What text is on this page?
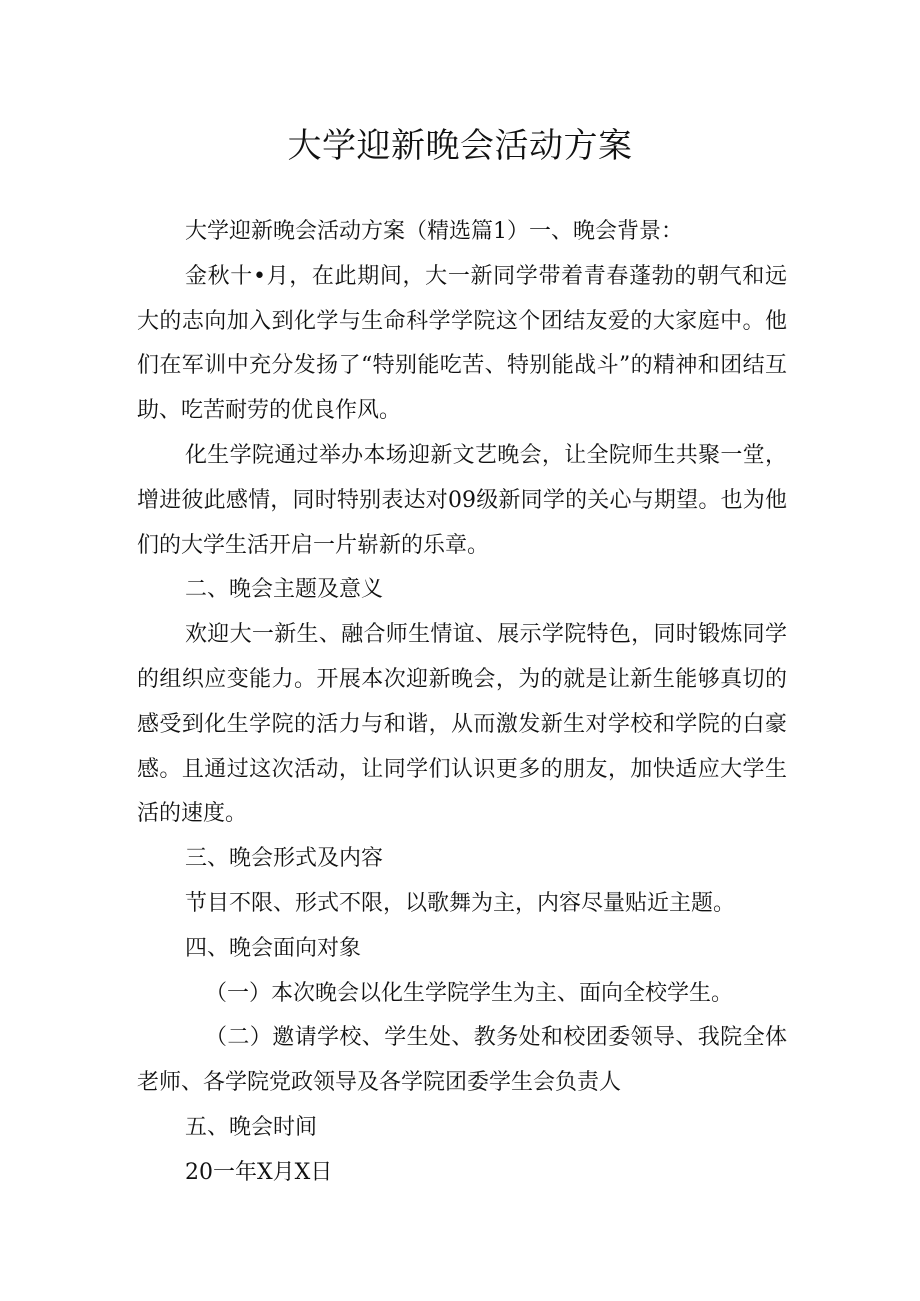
大学迎新晚会活动方案

大学迎新晚会活动方案（精选篇1）一、晚会背景：

金秋十•月，在此期间，大一新同学带着青春蓬勃的朝气和远大的志向加入到化学与生命科学学院这个团结友爱的大家庭中。他们在军训中充分发扬了“特别能吃苦、特别能战斗”的精神和团结互助、吃苦耐劳的优良作风。

化生学院通过举办本场迎新文艺晚会，让全院师生共聚一堂，增进彼此感情，同时特别表达对09级新同学的关心与期望。也为他们的大学生活开启一片崭新的乐章。

二、晚会主题及意义

欢迎大一新生、融合师生情谊、展示学院特色，同时锻炼同学的组织应变能力。开展本次迎新晚会，为的就是让新生能够真切的感受到化生学院的活力与和谐，从而激发新生对学校和学院的白豪感。且通过这次活动，让同学们认识更多的朋友，加快适应大学生活的速度。

三、晚会形式及内容

节目不限、形式不限，以歌舞为主，内容尽量贴近主题。

四、晚会面向对象

（一）本次晚会以化生学院学生为主、面向全校学生。

（二）邀请学校、学生处、教务处和校团委领导、我院全体老师、各学院党政领导及各学院团委学生会负责人

五、晚会时间

20一年X月X日
